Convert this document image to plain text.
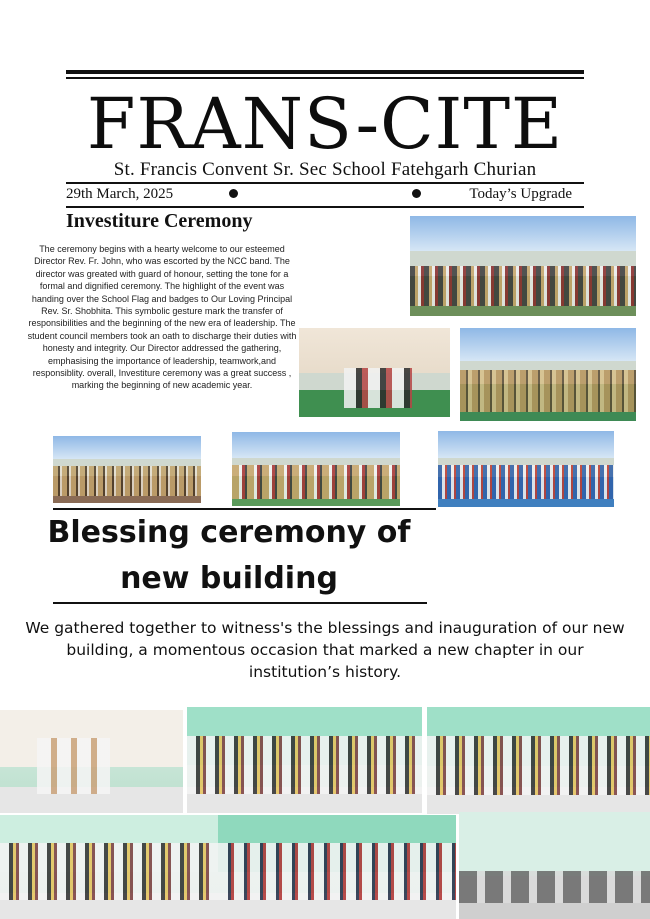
FRANS-CITE
St. Francis Convent Sr. Sec School Fatehgarh Churian
29th March, 2025	Today’s Upgrade
Investiture Ceremony
The ceremony begins with a hearty welcome to our esteemed Director Rev. Fr. John, who was escorted by the NCC band. The director was greated with guard of honour, setting the tone for a formal and dignified ceremony. The highlight of the event was handing over the School Flag and badges to Our Loving Principal Rev. Sr. Shobhita. This symbolic gesture mark the transfer of responsibilities and the beginning of the new era of leadership. The student council members took an oath to discharge their duties with honesty and integrity. Our Director addressed the gathering, emphasising the importance of leadership, teamwork,and responsiblity. overall, Investiture ceremony was a great success , marking the beginning of new academic year.
Blessing ceremony of
new building
We gathered together to witness's the blessings and inauguration of our new building, a momentous occasion that marked a new chapter in our institution’s history.
